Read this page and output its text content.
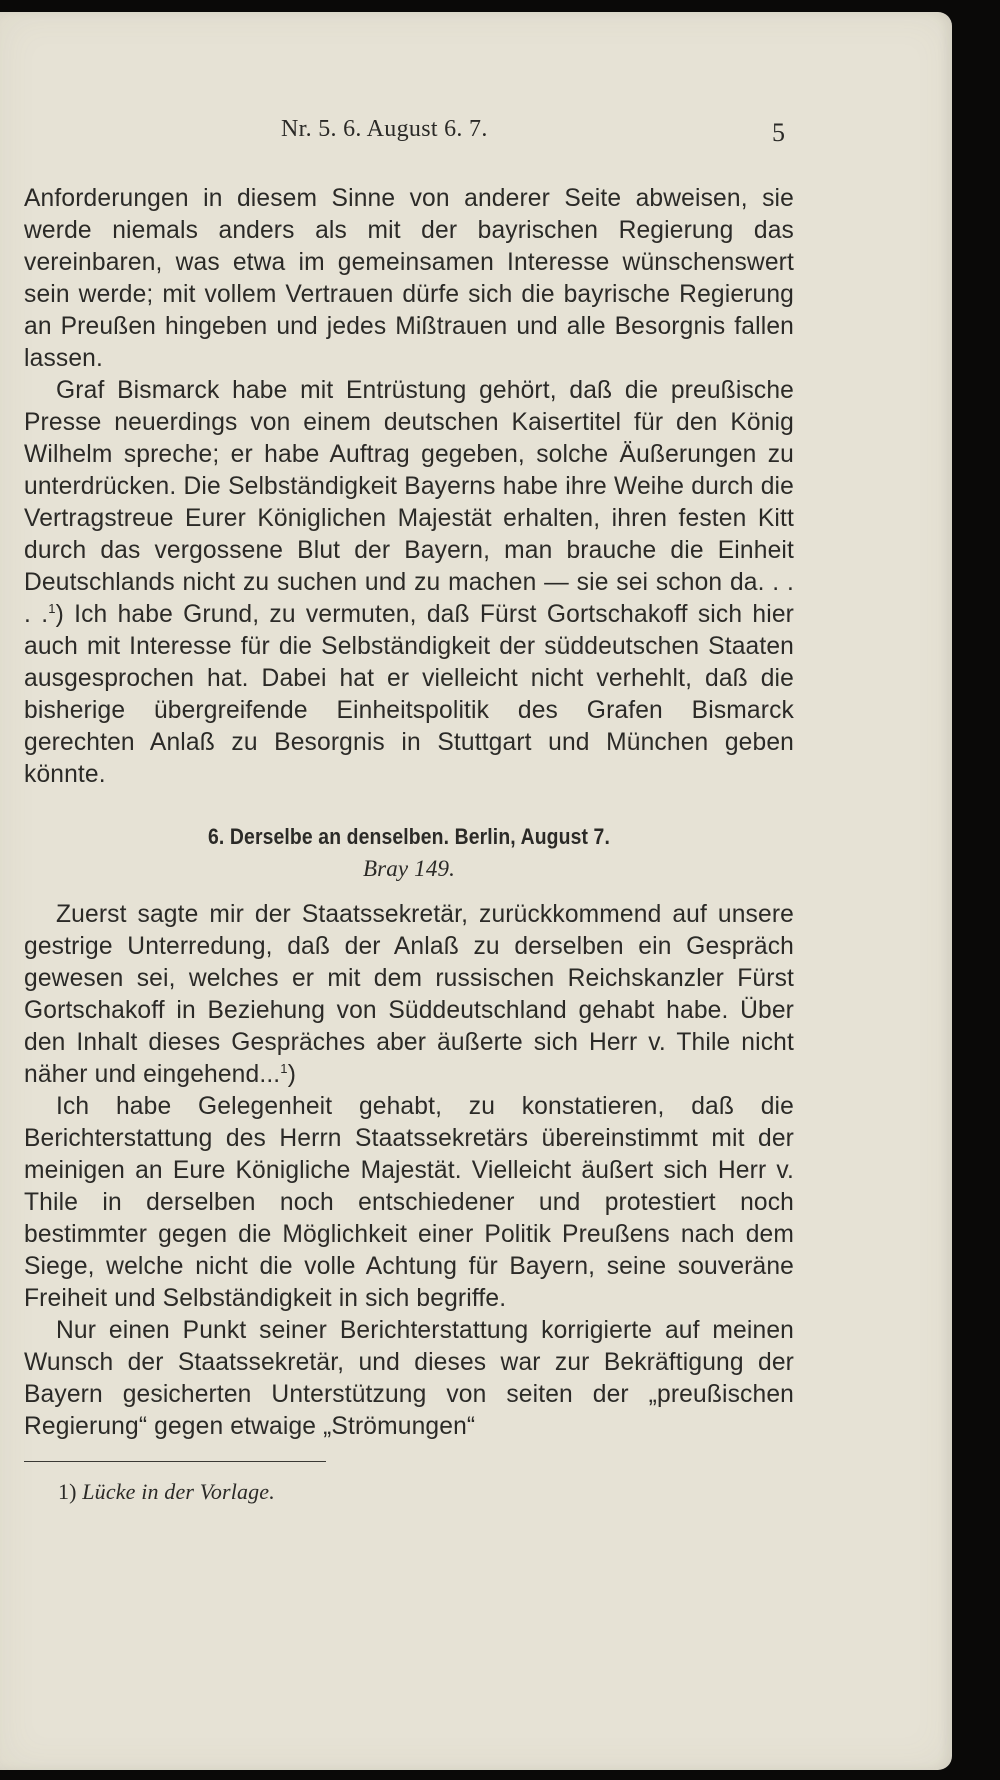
Nr. 5. 6. August 6. 7.	5

Anforderungen in diesem Sinne von anderer Seite abweisen, sie werde niemals anders als mit der bayrischen Regierung das vereinbaren, was etwa im gemeinsamen Interesse wünschenswert sein werde; mit vollem Vertrauen dürfe sich die bayrische Regierung an Preußen hingeben und jedes Mißtrauen und alle Besorgnis fallen lassen.

Graf Bismarck habe mit Entrüstung gehört, daß die preußische Presse neuerdings von einem deutschen Kaisertitel für den König Wilhelm spreche; er habe Auftrag gegeben, solche Äußerungen zu unterdrücken. Die Selbständigkeit Bayerns habe ihre Weihe durch die Vertragstreue Eurer Königlichen Majestät erhalten, ihren festen Kitt durch das vergossene Blut der Bayern, man brauche die Einheit Deutschlands nicht zu suchen und zu machen — sie sei schon da. . . . .$^1$) Ich habe Grund, zu vermuten, daß Fürst Gortschakoff sich hier auch mit Interesse für die Selbständigkeit der süddeutschen Staaten ausgesprochen hat. Dabei hat er vielleicht nicht verhehlt, daß die bisherige übergreifende Einheitspolitik des Grafen Bismarck gerechten Anlaß zu Besorgnis in Stuttgart und München geben könnte.

6. Derselbe an denselben. Berlin, August 7.
Bray 149.

Zuerst sagte mir der Staatssekretär, zurückkommend auf unsere gestrige Unterredung, daß der Anlaß zu derselben ein Gespräch gewesen sei, welches er mit dem russischen Reichskanzler Fürst Gortschakoff in Beziehung von Süddeutschland gehabt habe. Über den Inhalt dieses Gespräches aber äußerte sich Herr v. Thile nicht näher und eingehend...$^1$)

Ich habe Gelegenheit gehabt, zu konstatieren, daß die Berichterstattung des Herrn Staatssekretärs übereinstimmt mit der meinigen an Eure Königliche Majestät. Vielleicht äußert sich Herr v. Thile in derselben noch entschiedener und protestiert noch bestimmter gegen die Möglichkeit einer Politik Preußens nach dem Siege, welche nicht die volle Achtung für Bayern, seine souveräne Freiheit und Selbständigkeit in sich begriffe.

Nur einen Punkt seiner Berichterstattung korrigierte auf meinen Wunsch der Staatssekretär, und dieses war zur Bekräftigung der Bayern gesicherten Unterstützung von seiten der „preußischen Regierung“ gegen etwaige „Strömungen“

1) Lücke in der Vorlage.
